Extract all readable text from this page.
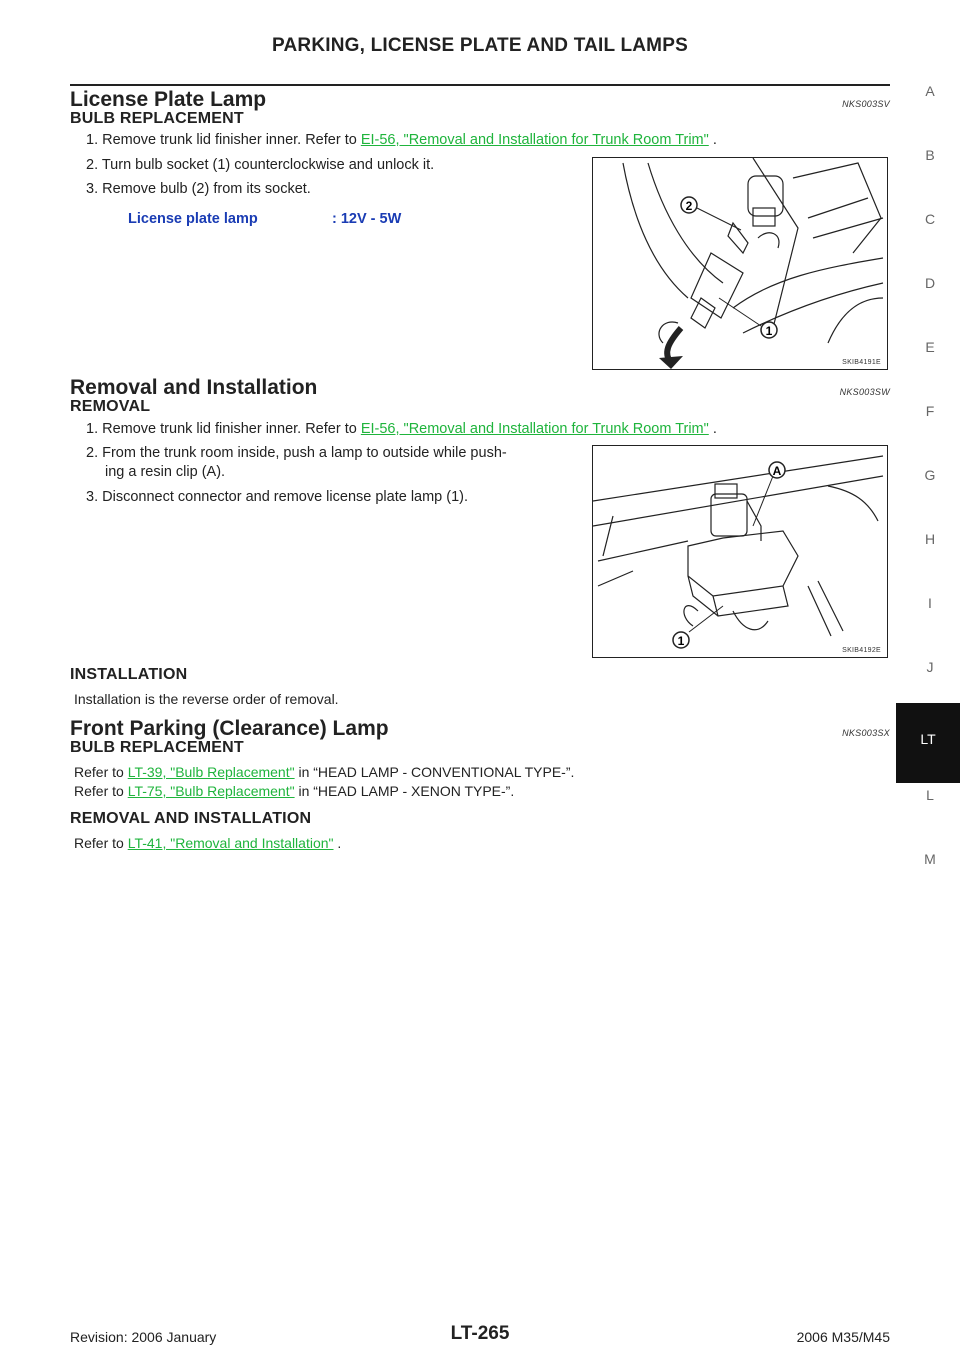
PARKING, LICENSE PLATE AND TAIL LAMPS
A
B
C
D
E
F
G
H
I
J
L
M
LT
License Plate Lamp	NKS003SV
BULB REPLACEMENT
1. Remove trunk lid finisher inner. Refer to EI-56, "Removal and Installation for Trunk Room Trim" .
2. Turn bulb socket (1) counterclockwise and unlock it.
3. Remove bulb (2) from its socket.
License plate lamp	: 12V - 5W
2
1
SKIB4191E
Removal and Installation	NKS003SW
REMOVAL
1. Remove trunk lid finisher inner. Refer to EI-56, "Removal and Installation for Trunk Room Trim" .
2. From the trunk room inside, push a lamp to outside while push-
ing a resin clip (A).
3. Disconnect connector and remove license plate lamp (1).
A
1
SKIB4192E
INSTALLATION
Installation is the reverse order of removal.
Front Parking (Clearance) Lamp	NKS003SX
BULB REPLACEMENT
Refer to LT-39, "Bulb Replacement" in “HEAD LAMP - CONVENTIONAL TYPE-”.
Refer to LT-75, "Bulb Replacement" in “HEAD LAMP - XENON TYPE-”.
REMOVAL AND INSTALLATION
Refer to LT-41, "Removal and Installation" .
Revision: 2006 January	LT-265	2006 M35/M45
